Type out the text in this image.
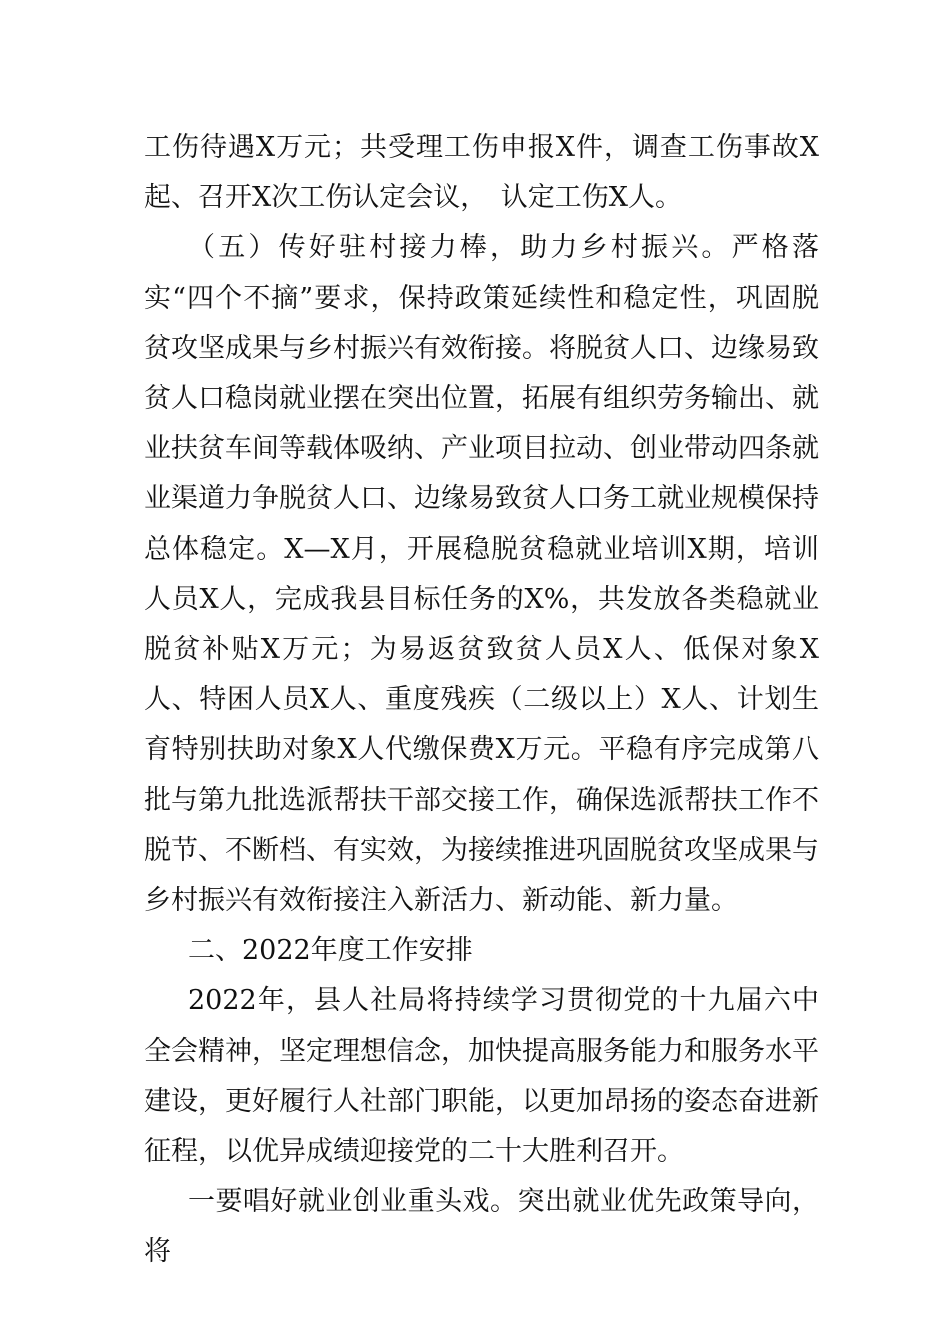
工伤待遇X万元；共受理工伤申报X件，调查工伤事故X起、召开X次工伤认定会议，　认定工伤X人。

（五）传好驻村接力棒，助力乡村振兴。严格落实“四个不摘”要求，保持政策延续性和稳定性，巩固脱贫攻坚成果与乡村振兴有效衔接。将脱贫人口、边缘易致贫人口稳岗就业摆在突出位置，拓展有组织劳务输出、就业扶贫车间等载体吸纳、产业项目拉动、创业带动四条就业渠道力争脱贫人口、边缘易致贫人口务工就业规模保持总体稳定。X—X月，开展稳脱贫稳就业培训X期，培训人员X人，完成我县目标任务的X%，共发放各类稳就业脱贫补贴X万元；为易返贫致贫人员X人、低保对象X人、特困人员X人、重度残疾（二级以上）X人、计划生育特别扶助对象X人代缴保费X万元。平稳有序完成第八批与第九批选派帮扶干部交接工作，确保选派帮扶工作不脱节、不断档、有实效，为接续推进巩固脱贫攻坚成果与乡村振兴有效衔接注入新活力、新动能、新力量。

二、2022年度工作安排

2022年，县人社局将持续学习贯彻党的十九届六中全会精神，坚定理想信念，加快提高服务能力和服务水平建设，更好履行人社部门职能，以更加昂扬的姿态奋进新征程，以优异成绩迎接党的二十大胜利召开。

一要唱好就业创业重头戏。突出就业优先政策导向，将
